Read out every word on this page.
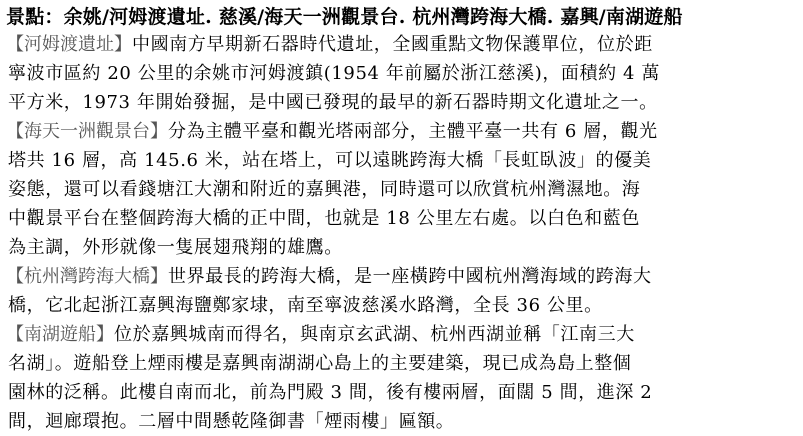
景點：余姚/河姆渡遺址. 慈溪/海天一洲觀景台. 杭州灣跨海大橋. 嘉興/南湖遊船
【河姆渡遺址】中國南方早期新石器時代遺址，全國重點文物保護單位，位於距
寧波市區約 20 公里的余姚市河姆渡鎮(1954 年前屬於浙江慈溪)，面積約 4 萬
平方米，1973 年開始發掘，是中國已發現的最早的新石器時期文化遺址之一。
【海天一洲觀景台】分為主體平臺和觀光塔兩部分，主體平臺一共有 6 層，觀光
塔共 16 層，高 145.6 米，站在塔上，可以遠眺跨海大橋「長虹臥波」的優美
姿態，還可以看錢塘江大潮和附近的嘉興港，同時還可以欣賞杭州灣濕地。海
中觀景平台在整個跨海大橋的正中間，也就是 18 公里左右處。以白色和藍色
為主調，外形就像一隻展翅飛翔的雄鷹。
【杭州灣跨海大橋】世界最長的跨海大橋，是一座橫跨中國杭州灣海域的跨海大
橋，它北起浙江嘉興海鹽鄭家埭，南至寧波慈溪水路灣，全長 36 公里。
【南湖遊船】位於嘉興城南而得名，與南京玄武湖、杭州西湖並稱「江南三大
名湖」。遊船登上煙雨樓是嘉興南湖湖心島上的主要建築，現已成為島上整個
園林的泛稱。此樓自南而北，前為門殿 3 間，後有樓兩層，面闊 5 間，進深 2
間，迴廊環抱。二層中間懸乾隆御書「煙雨樓」匾額。
